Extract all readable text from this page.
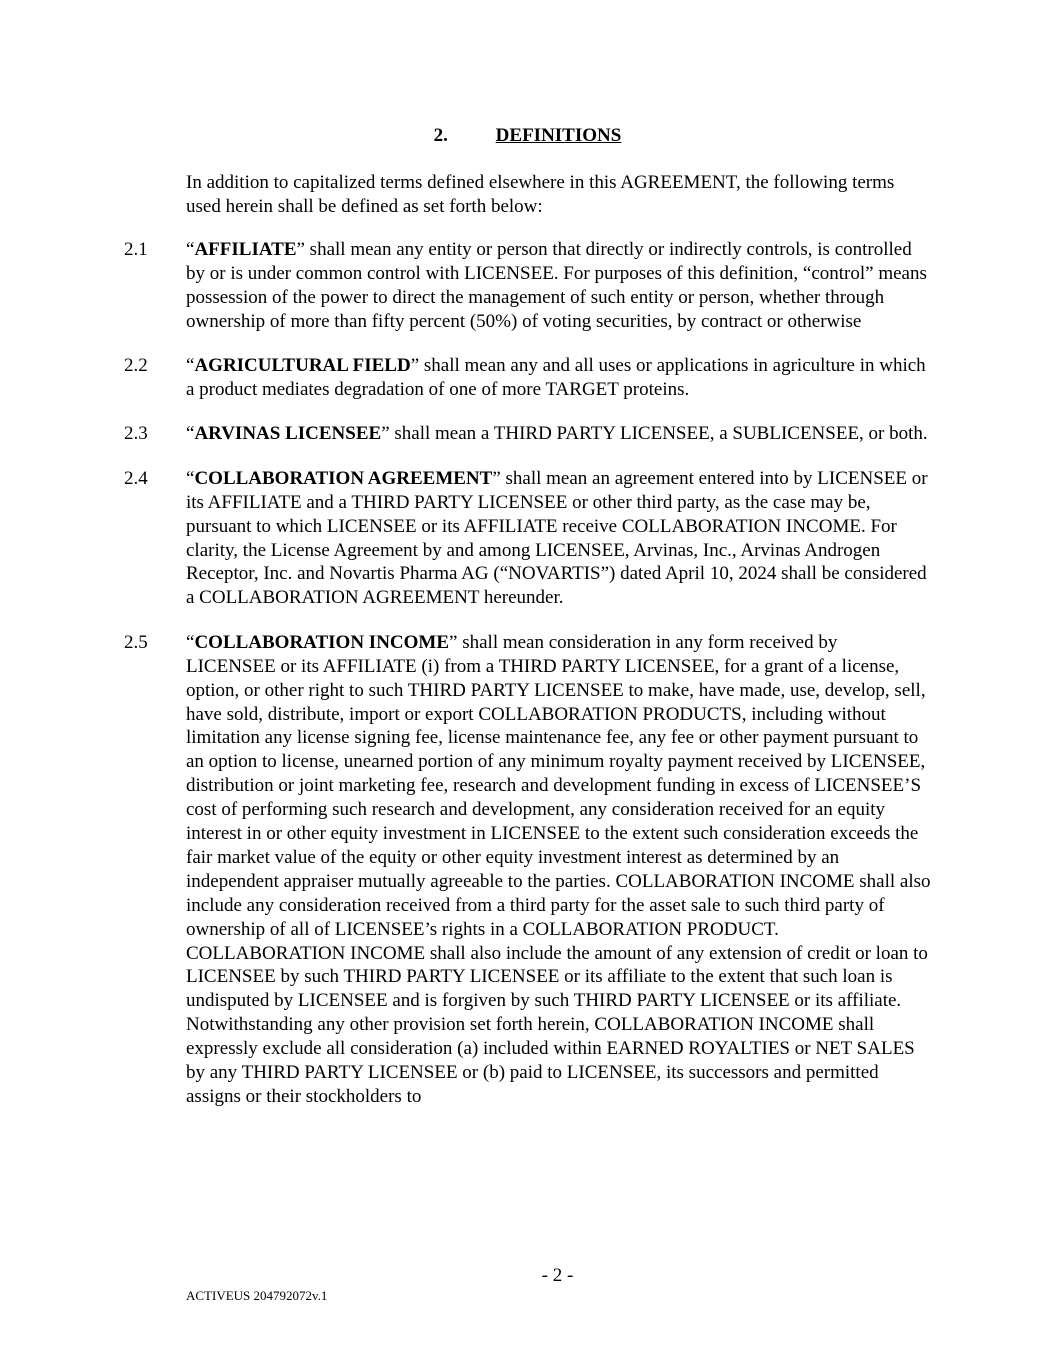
2.	DEFINITIONS

In addition to capitalized terms defined elsewhere in this AGREEMENT, the following terms used herein shall be defined as set forth below:

2.1 “AFFILIATE” shall mean any entity or person that directly or indirectly controls, is controlled by or is under common control with LICENSEE. For purposes of this definition, “control” means possession of the power to direct the management of such entity or person, whether through ownership of more than fifty percent (50%) of voting securities, by contract or otherwise
2.2 “AGRICULTURAL FIELD” shall mean any and all uses or applications in agriculture in which a product mediates degradation of one of more TARGET proteins.
2.3 “ARVINAS LICENSEE” shall mean a THIRD PARTY LICENSEE, a SUBLICENSEE, or both.
2.4 “COLLABORATION AGREEMENT” shall mean an agreement entered into by LICENSEE or its AFFILIATE and a THIRD PARTY LICENSEE or other third party, as the case may be, pursuant to which LICENSEE or its AFFILIATE receive COLLABORATION INCOME. For clarity, the License Agreement by and among LICENSEE, Arvinas, Inc., Arvinas Androgen Receptor, Inc. and Novartis Pharma AG (“NOVARTIS”) dated April 10, 2024 shall be considered a COLLABORATION AGREEMENT hereunder.
2.5 “COLLABORATION INCOME” shall mean consideration in any form received by LICENSEE or its AFFILIATE (i) from a THIRD PARTY LICENSEE, for a grant of a license, option, or other right to such THIRD PARTY LICENSEE to make, have made, use, develop, sell, have sold, distribute, import or export COLLABORATION PRODUCTS, including without limitation any license signing fee, license maintenance fee, any fee or other payment pursuant to an option to license, unearned portion of any minimum royalty payment received by LICENSEE, distribution or joint marketing fee, research and development funding in excess of LICENSEE’S cost of performing such research and development, any consideration received for an equity interest in or other equity investment in LICENSEE to the extent such consideration exceeds the fair market value of the equity or other equity investment interest as determined by an independent appraiser mutually agreeable to the parties. COLLABORATION INCOME shall also include any consideration received from a third party for the asset sale to such third party of ownership of all of LICENSEE’s rights in a COLLABORATION PRODUCT. COLLABORATION INCOME shall also include the amount of any extension of credit or loan to LICENSEE by such THIRD PARTY LICENSEE or its affiliate to the extent that such loan is undisputed by LICENSEE and is forgiven by such THIRD PARTY LICENSEE or its affiliate. Notwithstanding any other provision set forth herein, COLLABORATION INCOME shall expressly exclude all consideration (a) included within EARNED ROYALTIES or NET SALES by any THIRD PARTY LICENSEE or (b) paid to LICENSEE, its successors and permitted assigns or their stockholders to
- 2 -
ACTIVEUS 204792072v.1
